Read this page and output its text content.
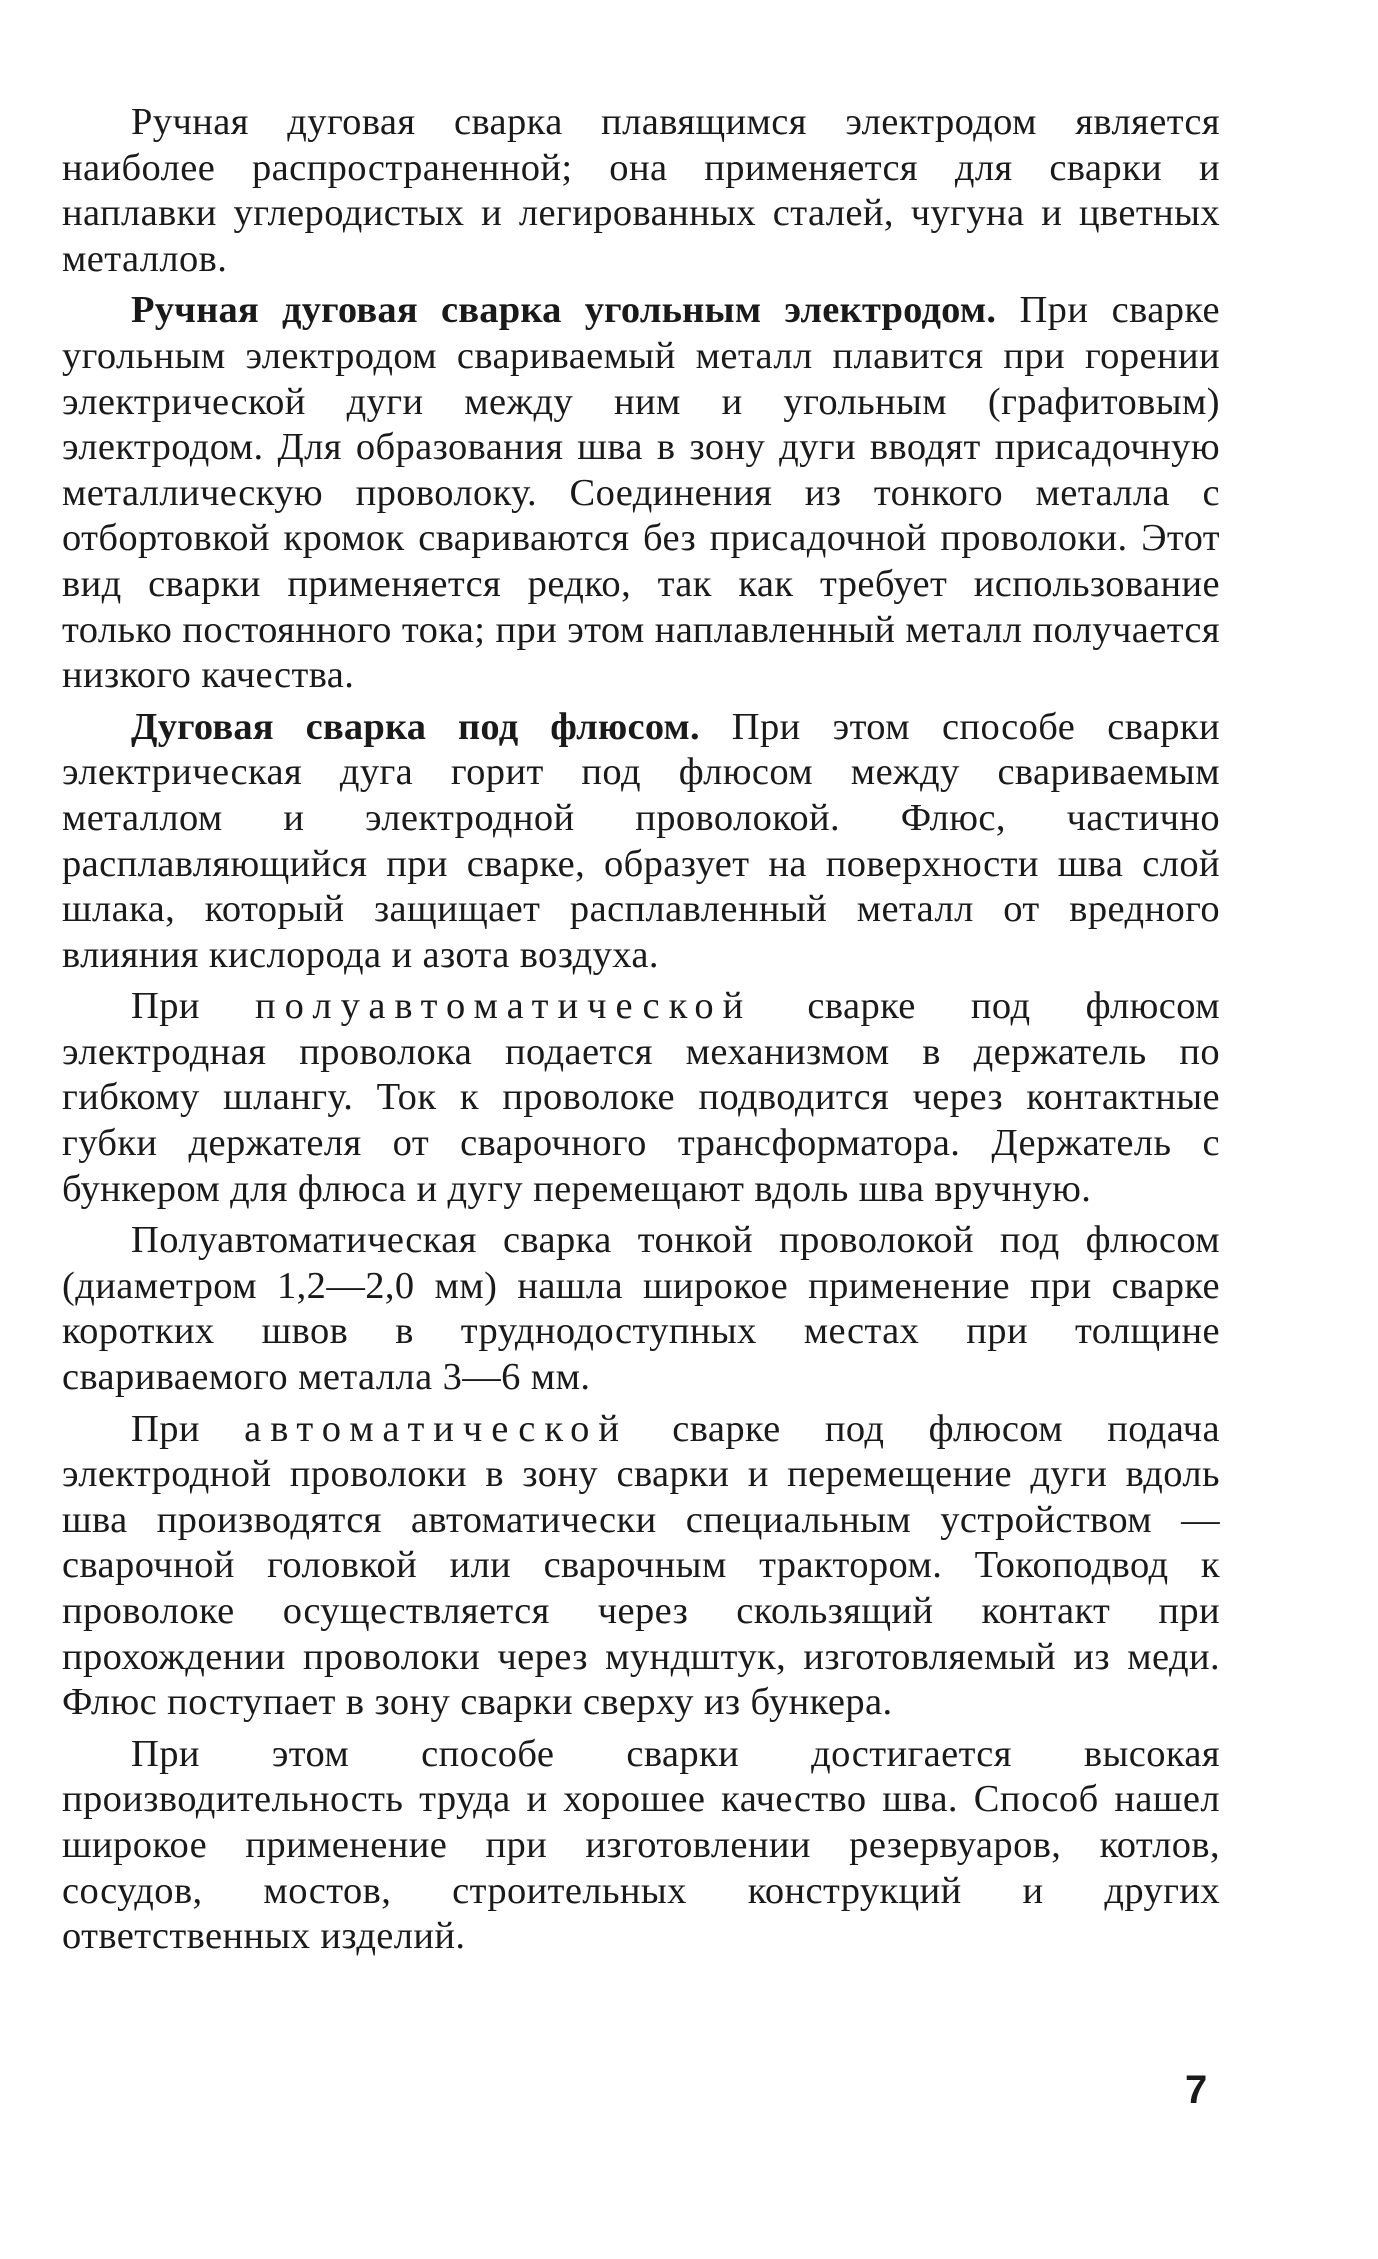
Ручная дуговая сварка плавящимся электродом является наиболее распространенной; она применяется для сварки и наплавки углеродистых и легированных сталей, чугуна и цветных металлов.

Ручная дуговая сварка угольным электродом. При сварке угольным электродом свариваемый металл плавится при горении электрической дуги между ним и угольным (графитовым) электродом. Для образования шва в зону дуги вводят присадочную металлическую проволоку. Соединения из тонкого металла с отбортовкой кромок свариваются без присадочной проволоки. Этот вид сварки применяется редко, так как требует использование только постоянного тока; при этом наплавленный металл получается низкого качества.

Дуговая сварка под флюсом. При этом способе сварки электрическая дуга горит под флюсом между свариваемым металлом и электродной проволокой. Флюс, частично расплавляющийся при сварке, образует на поверхности шва слой шлака, который защищает расплавленный металл от вредного влияния кислорода и азота воздуха.

При полуавтоматической сварке под флюсом электродная проволока подается механизмом в держатель по гибкому шлангу. Ток к проволоке подводится через контактные губки держателя от сварочного трансформатора. Держатель с бункером для флюса и дугу перемещают вдоль шва вручную.

Полуавтоматическая сварка тонкой проволокой под флюсом (диаметром 1,2—2,0 мм) нашла широкое применение при сварке коротких швов в труднодоступных местах при толщине свариваемого металла 3—6 мм.

При автоматической сварке под флюсом подача электродной проволоки в зону сварки и перемещение дуги вдоль шва производятся автоматически специальным устройством — сварочной головкой или сварочным трактором. Токоподвод к проволоке осуществляется через скользящий контакт при прохождении проволоки через мундштук, изготовляемый из меди. Флюс поступает в зону сварки сверху из бункера.

При этом способе сварки достигается высокая производительность труда и хорошее качество шва. Способ нашел широкое применение при изготовлении резервуаров, котлов, сосудов, мостов, строительных конструкций и других ответственных изделий.

7
